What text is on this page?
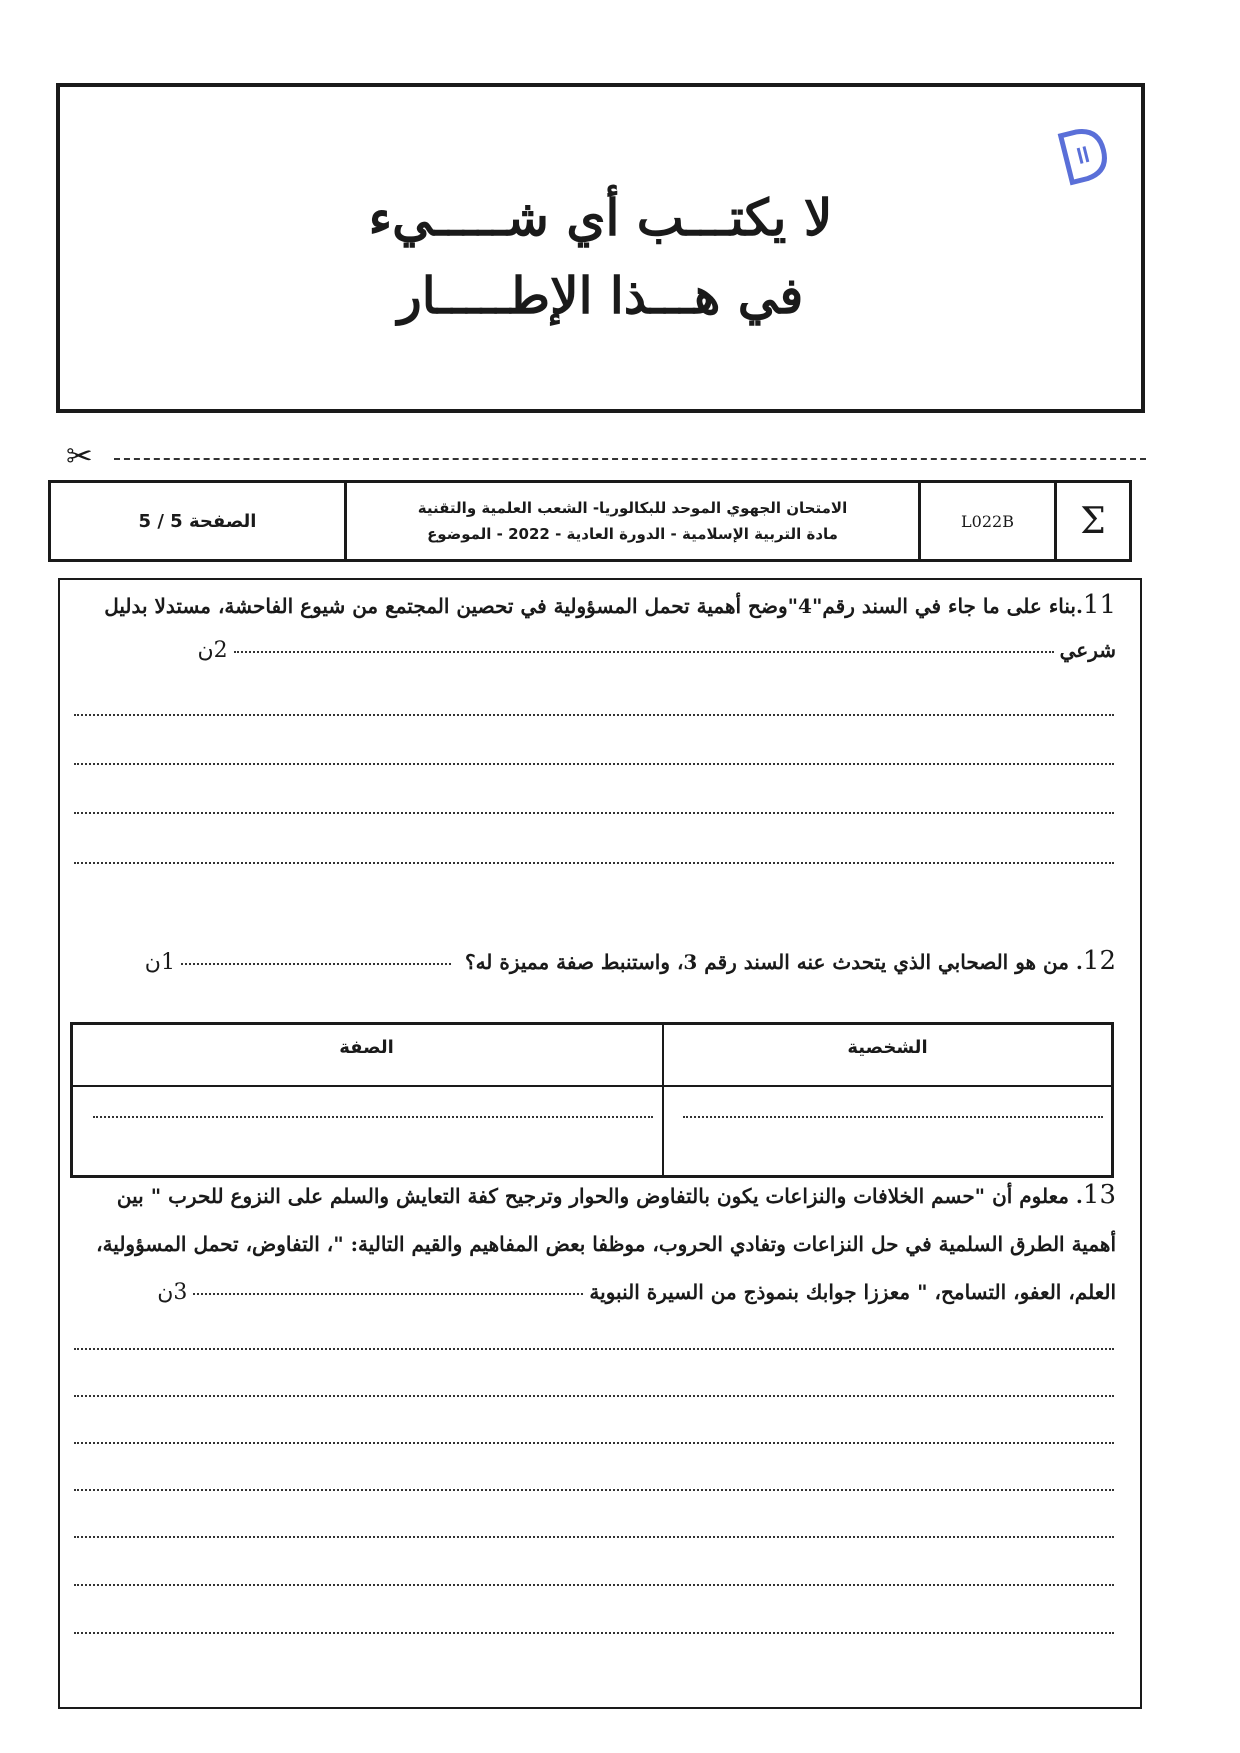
لا يكتـــب أي شـــــيء
في هـــذا الإطـــــار
✂
الصفحة 5 / 5
الامتحان الجهوي الموحد للبكالوريا- الشعب العلمية والتقنية
مادة التربية الإسلامية - الدورة العادية - 2022 - الموضوع
L022B	Σ
11.بناء على ما جاء في السند رقم"4"وضح أهمية تحمل المسؤولية في تحصين المجتمع من شيوع الفاحشة، مستدلا بدليل
شرعي2ن
12. من هو الصحابي الذي يتحدث عنه السند رقم 3، واستنبط صفة مميزة له؟1ن
الشخصية
الصفة
13. معلوم أن "حسم الخلافات والنزاعات يكون بالتفاوض والحوار وترجيح كفة التعايش والسلم على النزوع للحرب " بين
أهمية الطرق السلمية في حل النزاعات وتفادي الحروب، موظفا بعض المفاهيم والقيم التالية: "، التفاوض، تحمل المسؤولية،
العلم، العفو، التسامح، " معززا جوابك بنموذج من السيرة النبوية3ن
